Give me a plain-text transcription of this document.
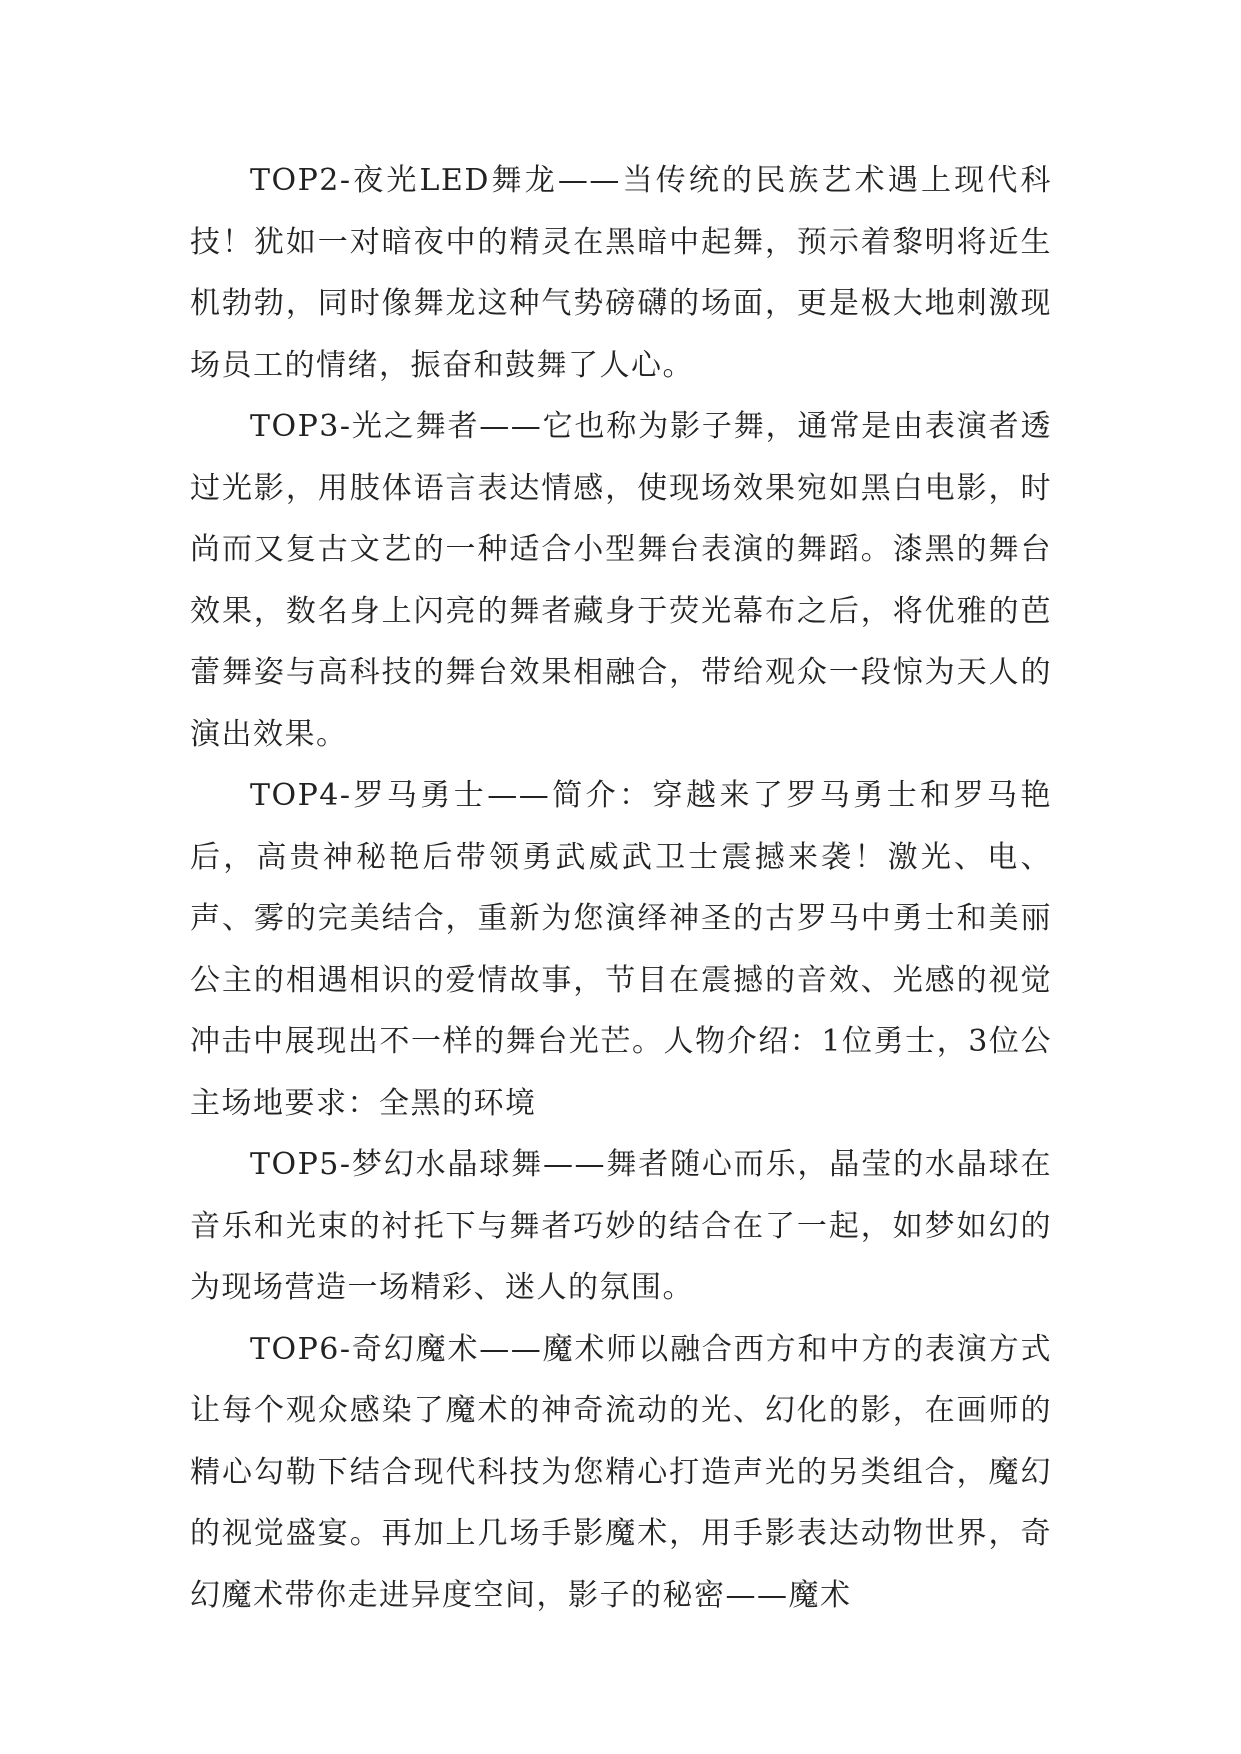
TOP2-夜光LED舞龙——当传统的民族艺术遇上现代科技！犹如一对暗夜中的精灵在黑暗中起舞，预示着黎明将近生机勃勃，同时像舞龙这种气势磅礴的场面，更是极大地刺激现场员工的情绪，振奋和鼓舞了人心。

TOP3-光之舞者——它也称为影子舞，通常是由表演者透过光影，用肢体语言表达情感，使现场效果宛如黑白电影，时尚而又复古文艺的一种适合小型舞台表演的舞蹈。漆黑的舞台效果，数名身上闪亮的舞者藏身于荧光幕布之后，将优雅的芭蕾舞姿与高科技的舞台效果相融合，带给观众一段惊为天人的演出效果。

TOP4-罗马勇士——简介：穿越来了罗马勇士和罗马艳后，高贵神秘艳后带领勇武威武卫士震撼来袭！激光、电、声、雾的完美结合，重新为您演绎神圣的古罗马中勇士和美丽公主的相遇相识的爱情故事，节目在震撼的音效、光感的视觉冲击中展现出不一样的舞台光芒。人物介绍：1位勇士，3位公主场地要求：全黑的环境

TOP5-梦幻水晶球舞——舞者随心而乐，晶莹的水晶球在音乐和光束的衬托下与舞者巧妙的结合在了一起，如梦如幻的为现场营造一场精彩、迷人的氛围。

TOP6-奇幻魔术——魔术师以融合西方和中方的表演方式让每个观众感染了魔术的神奇流动的光、幻化的影，在画师的精心勾勒下结合现代科技为您精心打造声光的另类组合，魔幻的视觉盛宴。再加上几场手影魔术，用手影表达动物世界，奇幻魔术带你走进异度空间，影子的秘密——魔术
